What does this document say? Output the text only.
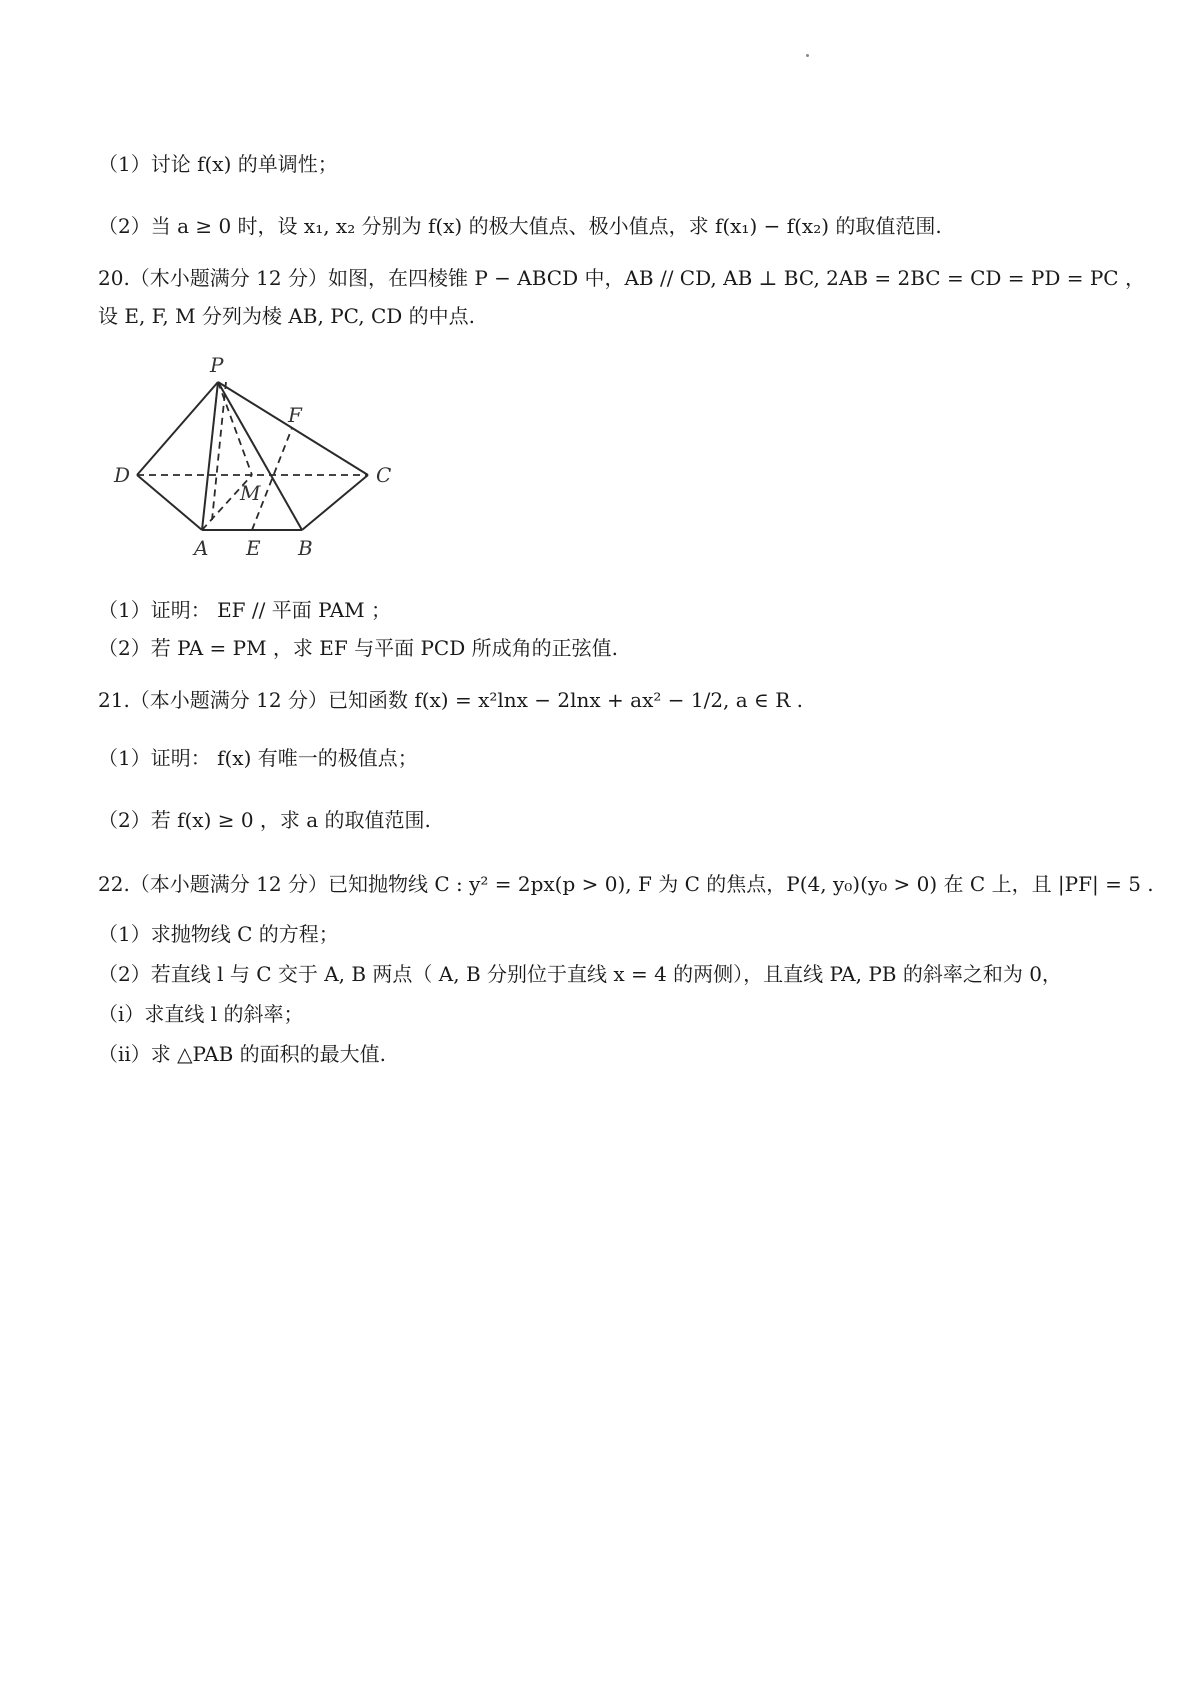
（1）讨论 f(x) 的单调性；
（2）当 a ≥ 0 时，设 x₁, x₂ 分别为 f(x) 的极大值点、极小值点，求 f(x₁) − f(x₂) 的取值范围.
20.（木小题满分 12 分）如图，在四棱锥 P − ABCD 中，AB // CD, AB ⊥ BC, 2AB = 2BC = CD = PD = PC ，
设 E, F, M 分列为棱 AB, PC, CD 的中点.
P
F
D	C
M
A E B
（1）证明： EF // 平面 PAM ；
（2）若 PA = PM ，求 EF 与平面 PCD 所成角的正弦值.
21.（本小题满分 12 分）已知函数 f(x) = x²lnx − 2lnx + ax² − 1/2, a ∈ R .
（1）证明： f(x) 有唯一的极值点；
（2）若 f(x) ≥ 0 ，求 a 的取值范围.
22.（本小题满分 12 分）已知抛物线 C : y² = 2px(p > 0), F 为 C 的焦点，P(4, y₀)(y₀ > 0) 在 C 上，且 |PF| = 5 .
（1）求抛物线 C 的方程；
（2）若直线 l 与 C 交于 A, B 两点（ A, B 分别位于直线 x = 4 的两侧），且直线 PA, PB 的斜率之和为 0，
（ⅰ）求直线 l 的斜率；
（ⅱ）求 △PAB 的面积的最大值.
